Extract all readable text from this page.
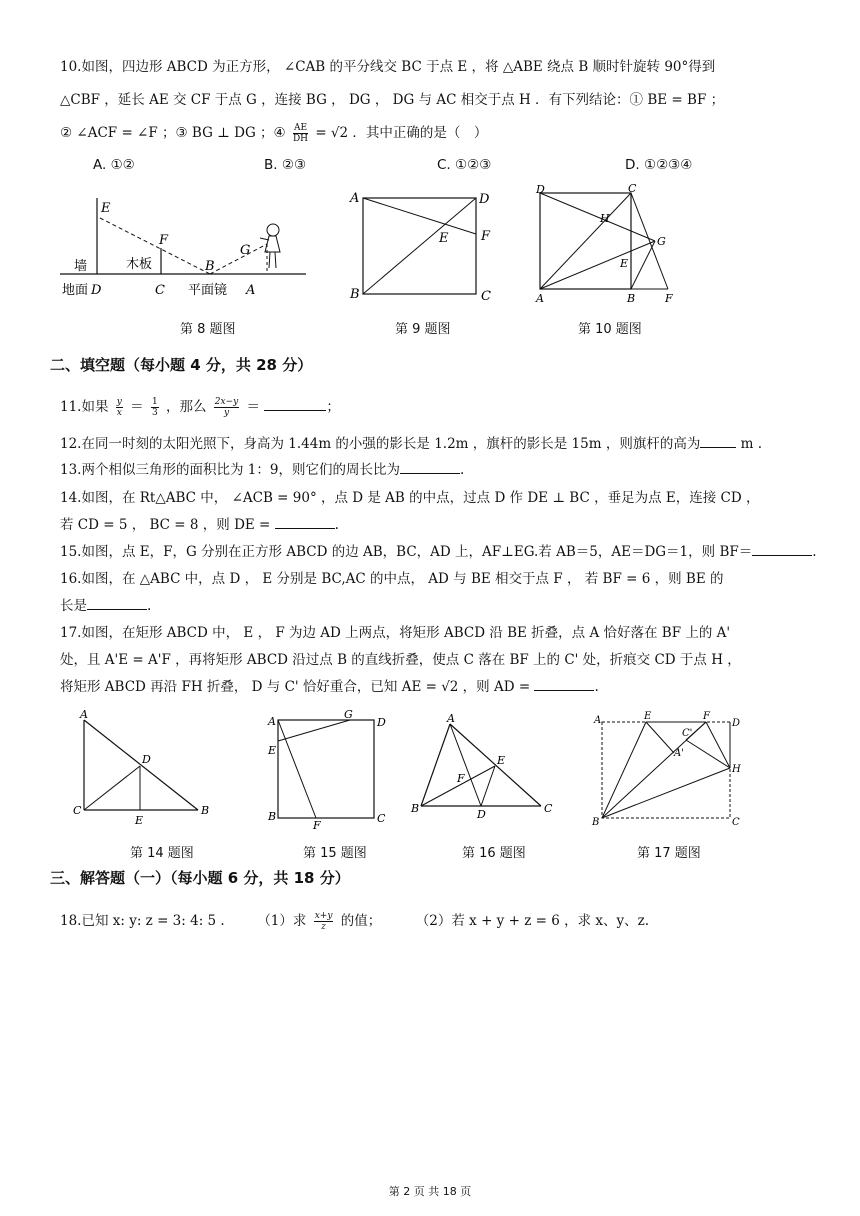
10.如图，四边形 ABCD 为正方形， ∠CAB 的平分线交 BC 于点 E ，将 △ABE 绕点 B 顺时针旋转 90°得到
△CBF ，延长 AE 交 CF 于点 G ，连接 BG ， DG ， DG 与 AC 相交于点 H ．有下列结论：① BE = BF ；
② ∠ACF = ∠F ；③ BG ⊥ DG ；④ $\frac{AE}{DH} = √2$ ．其中正确的是（　）
A. ①②	B. ②③	C. ①②③	D. ①②③④
E
F
B
G
墙	木板
地面 D	C 平面镜 A
第 8 题图
A	D
E	F
B	C
第 9 题图
D	C
H
G
E
A	B	F
第 10 题图
二、填空题（每小题 4 分，共 28 分）
11.如果 $\frac{y}{x} = \frac{1}{3}$ ，那么 $\frac{2x-y}{y}$ ＝	；
12.在同一时刻的太阳光照下，身高为 1.44m 的小强的影长是 1.2m ，旗杆的影长是 15m ，则旗杆的高为	m .
13.两个相似三角形的面积比为 1：9，则它们的周长比为	.
14.如图，在 Rt△ABC 中， ∠ACB = 90° ，点 D 是 AB 的中点，过点 D 作 DE ⊥ BC ，垂足为点 E，连接 CD ，
若 CD = 5 ， BC = 8 ，则 DE =	.
15.如图，点 E，F，G 分别在正方形 ABCD 的边 AB，BC，AD 上，AF⊥EG.若 AB＝5，AE＝DG＝1，则 BF＝	.
16.如图，在 △ABC 中，点 D ， E 分别是 BC,AC 的中点， AD 与 BE 相交于点 F ， 若 BF = 6 ，则 BE 的
长是	.
17.如图，在矩形 ABCD 中， E ， F 为边 AD 上两点，将矩形 ABCD 沿 BE 折叠，点 A 恰好落在 BF 上的 A'
处，且 A'E = A'F ，再将矩形 ABCD 沿过点 B 的直线折叠，使点 C 落在 BF 上的 C' 处，折痕交 CD 于点 H ，
将矩形 ABCD 再沿 FH 折叠， D 与 C' 恰好重合，已知 AE = √2 ，则 AD =	.
A
D
C
E
B
第 14 题图
A
G
D
E
B
F
C
第 15 题图
A
E
F
B	D	C
第 16 题图
A	E	F
D
C'
A'
H
B	C
第 17 题图
三、解答题（一）（每小题 6 分，共 18 分）
18.已知 x: y: z = 3: 4: 5 . （1）求 $\frac{x+y}{z}$ 的值；	（2）若 x + y + z = 6 ，求 x、y、z.
第 2 页 共 18 页
